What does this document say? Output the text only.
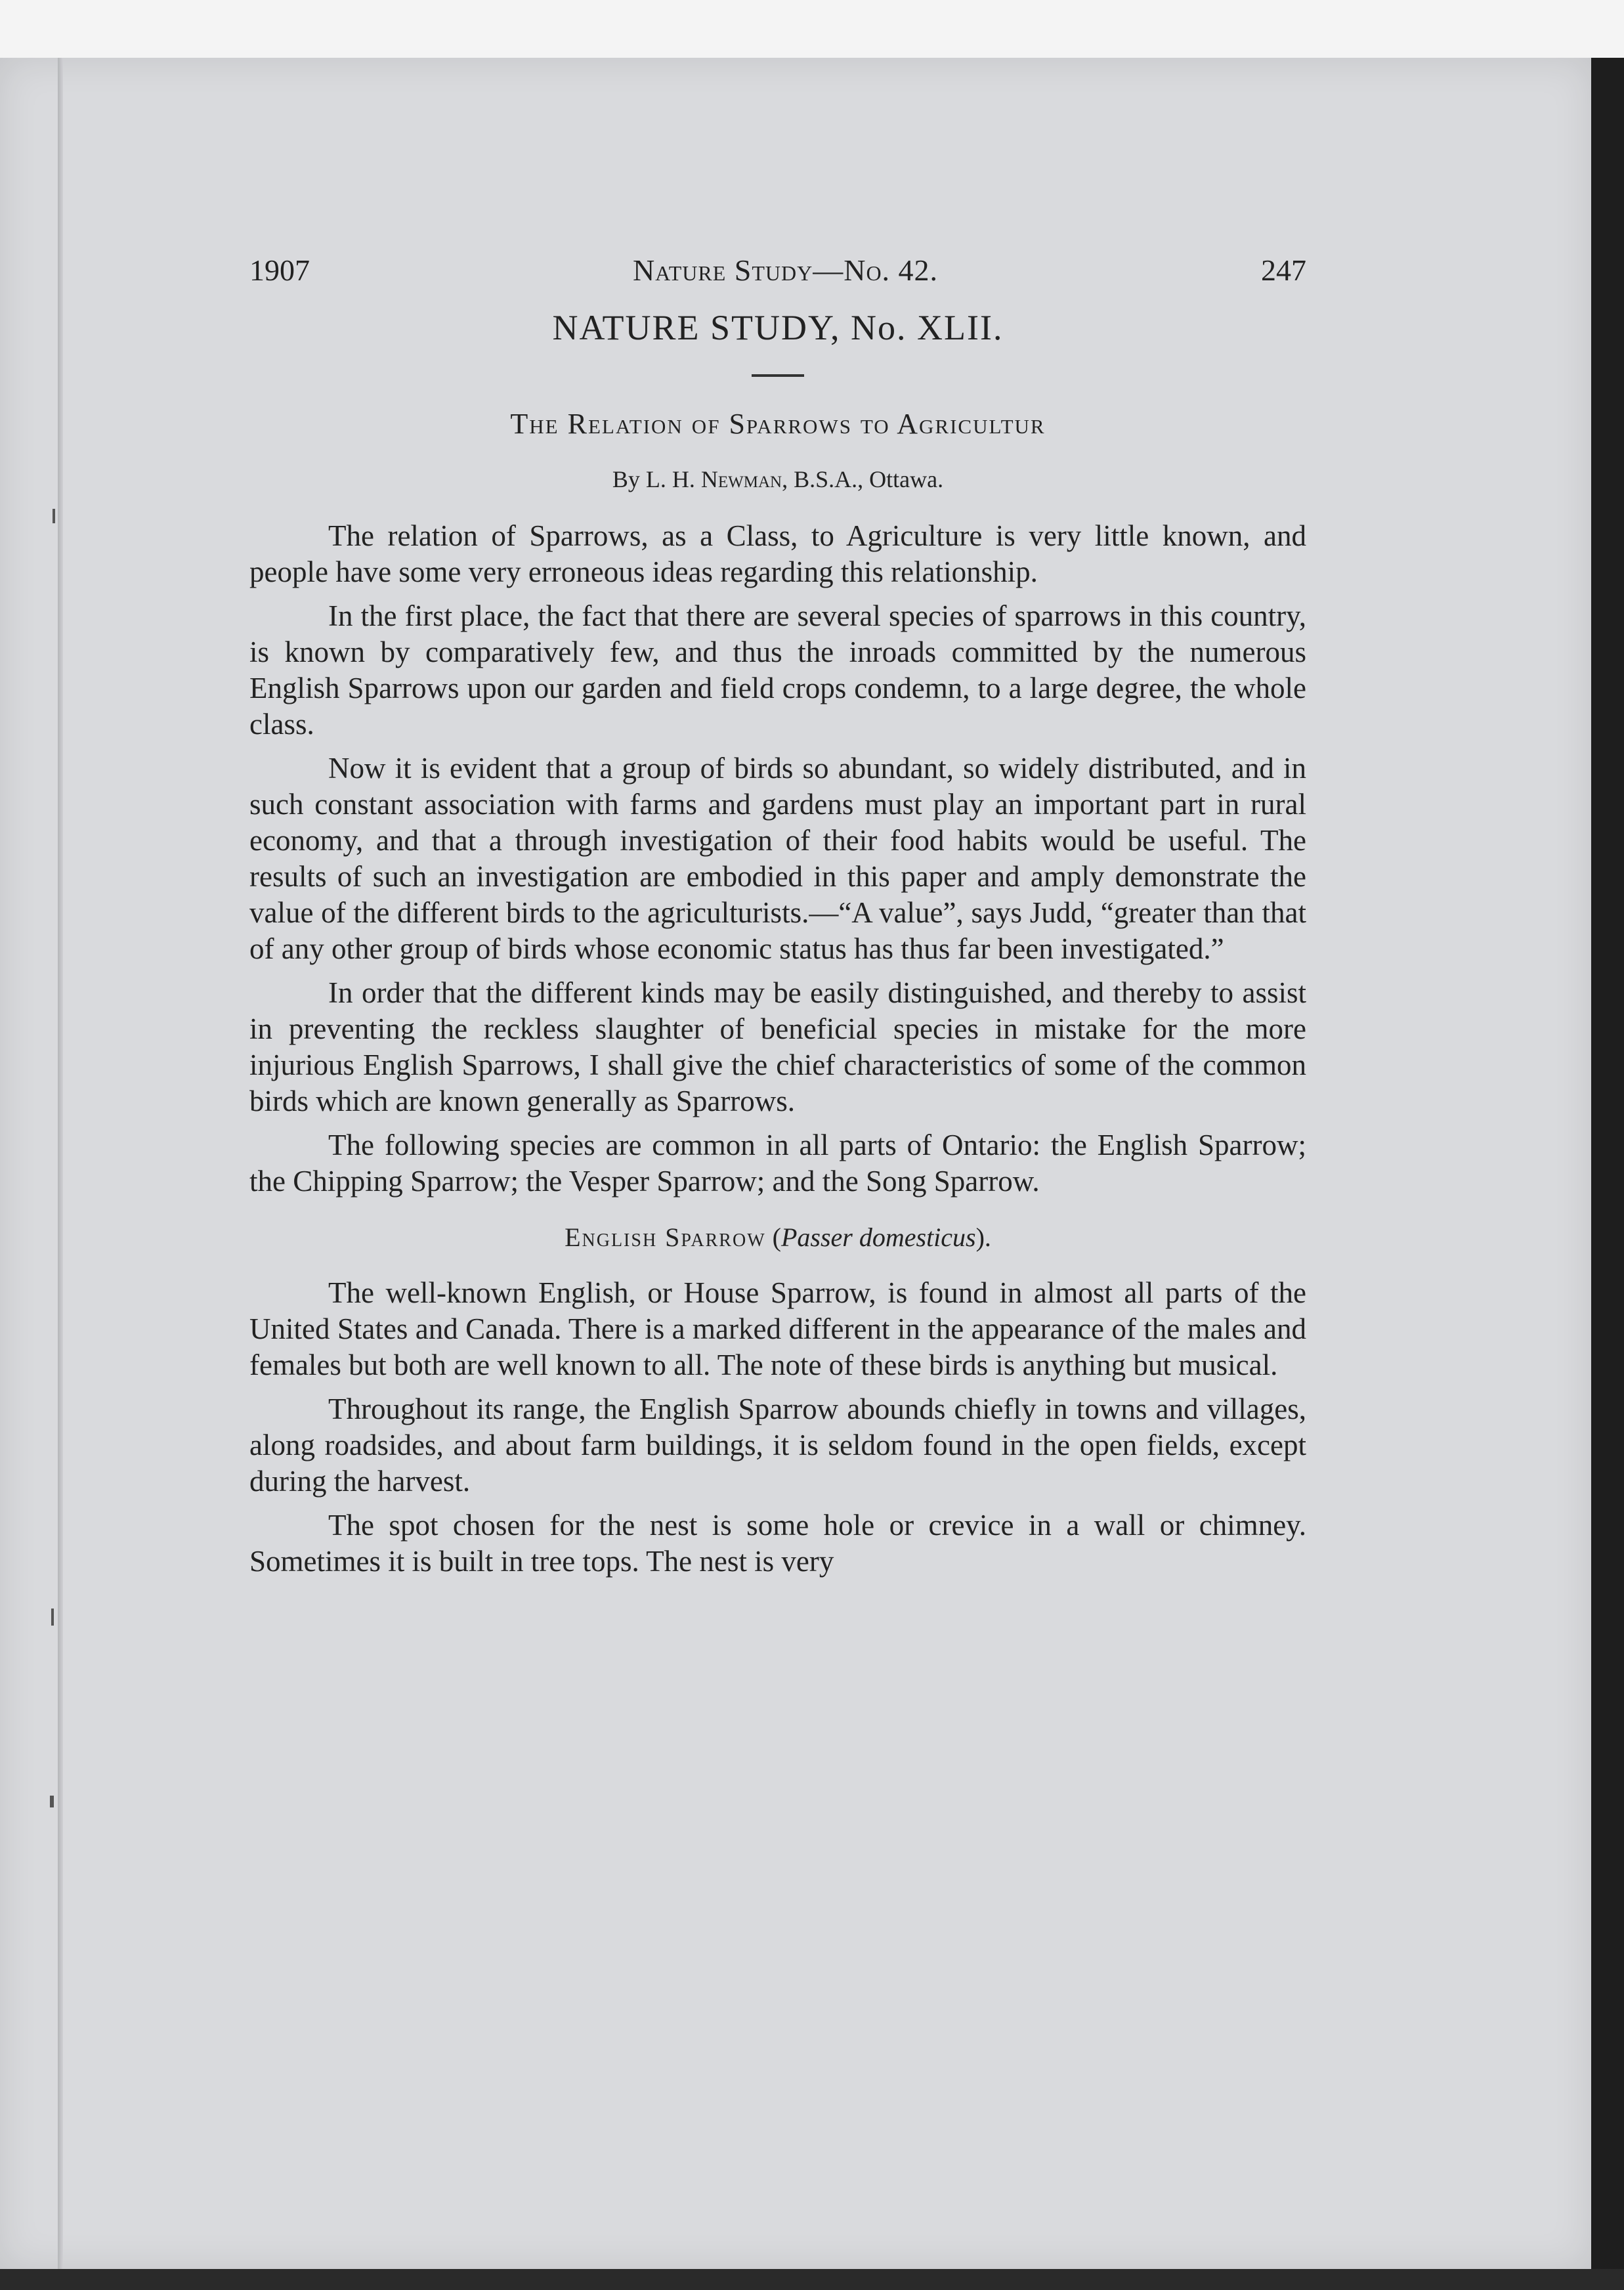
1907	Nature Study—No. 42.	247
NATURE STUDY, No. XLII.
The Relation of Sparrows to Agricultur
By L. H. Newman, B.S.A., Ottawa.

The relation of Sparrows, as a Class, to Agriculture is very little known, and people have some very erroneous ideas regarding this relationship.

In the first place, the fact that there are several species of sparrows in this country, is known by comparatively few, and thus the inroads committed by the numerous English Sparrows upon our garden and field crops condemn, to a large degree, the whole class.

Now it is evident that a group of birds so abundant, so widely distributed, and in such constant association with farms and gardens must play an important part in rural economy, and that a through investigation of their food habits would be useful. The results of such an investigation are embodied in this paper and amply demonstrate the value of the different birds to the agriculturists.—“A value”, says Judd, “greater than that of any other group of birds whose economic status has thus far been investigated.”

In order that the different kinds may be easily distinguished, and thereby to assist in preventing the reckless slaughter of beneficial species in mistake for the more injurious English Sparrows, I shall give the chief characteristics of some of the common birds which are known generally as Sparrows.

The following species are common in all parts of Ontario: the English Sparrow; the Chipping Sparrow; the Vesper Sparrow; and the Song Sparrow.

English Sparrow (Passer domesticus).

The well-known English, or House Sparrow, is found in almost all parts of the United States and Canada. There is a marked different in the appearance of the males and females but both are well known to all. The note of these birds is anything but musical.

Throughout its range, the English Sparrow abounds chiefly in towns and villages, along roadsides, and about farm buildings, it is seldom found in the open fields, except during the harvest.

The spot chosen for the nest is some hole or crevice in a wall or chimney. Sometimes it is built in tree tops. The nest is very
